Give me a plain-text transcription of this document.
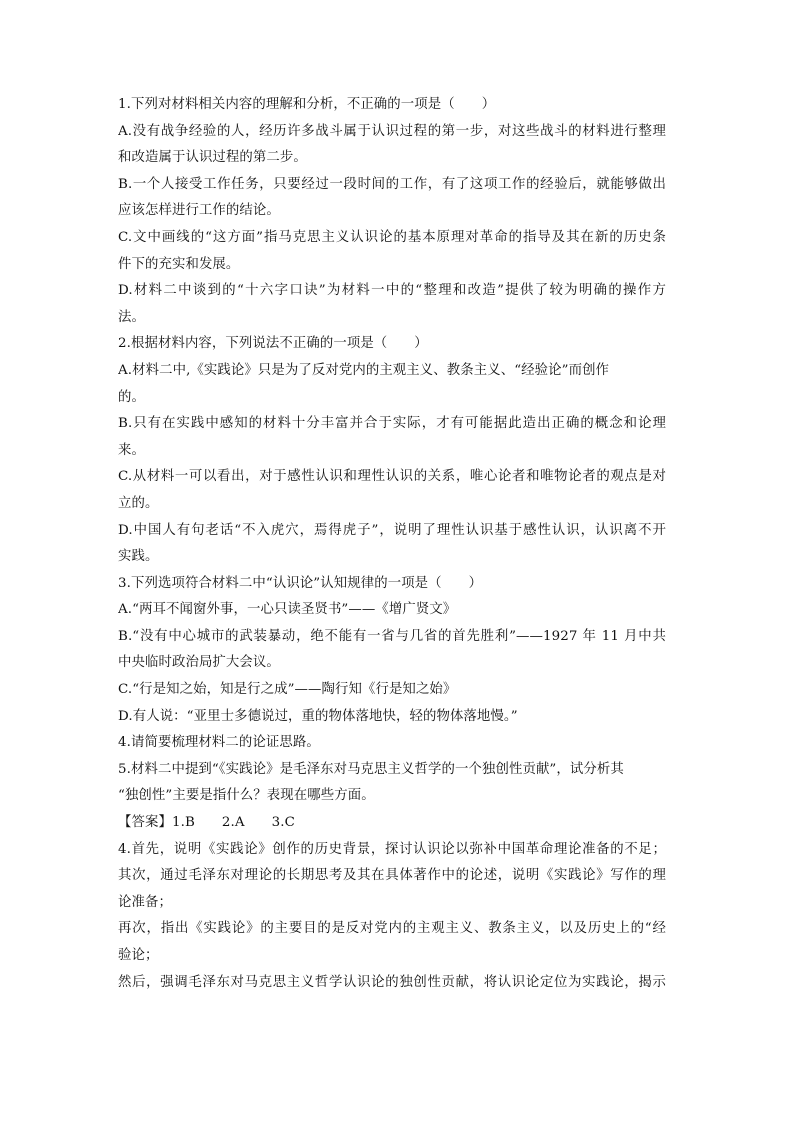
1.下列对材料相关内容的理解和分析，不正确的一项是（　　）
A.没有战争经验的人，经历许多战斗属于认识过程的第一步，对这些战斗的材料进行整理
和改造属于认识过程的第二步。
B.一个人接受工作任务，只要经过一段时间的工作，有了这项工作的经验后，就能够做出
应该怎样进行工作的结论。
C.文中画线的“这方面”指马克思主义认识论的基本原理对革命的指导及其在新的历史条
件下的充实和发展。
D.材料二中谈到的“十六字口诀”为材料一中的“整理和改造”提供了较为明确的操作方
法。
2.根据材料内容，下列说法不正确的一项是（　　）
A.材料二中,《实践论》只是为了反对党内的主观主义、教条主义、“经验论”而创作
的。
B.只有在实践中感知的材料十分丰富并合于实际，才有可能据此造出正确的概念和论理
来。
C.从材料一可以看出，对于感性认识和理性认识的关系，唯心论者和唯物论者的观点是对
立的。
D.中国人有句老话“不入虎穴，焉得虎子”，说明了理性认识基于感性认识，认识离不开
实践。
3.下列选项符合材料二中“认识论”认知规律的一项是（　　）
A.“两耳不闻窗外事，一心只读圣贤书”——《增广贤文》
B.“没有中心城市的武装暴动，绝不能有一省与几省的首先胜利”——1927 年 11 月中共
中央临时政治局扩大会议。
C.“行是知之始，知是行之成”——陶行知《行是知之始》
D.有人说：“亚里士多德说过，重的物体落地快，轻的物体落地慢。”
4.请简要梳理材料二的论证思路。
5.材料二中提到“《实践论》是毛泽东对马克思主义哲学的一个独创性贡献”，试分析其
“独创性”主要是指什么？表现在哪些方面。
【答案】1.B　　2.A　　3.C
4.首先，说明《实践论》创作的历史背景，探讨认识论以弥补中国革命理论准备的不足；
其次，通过毛泽东对理论的长期思考及其在具体著作中的论述，说明《实践论》写作的理
论准备；
再次，指出《实践论》的主要目的是反对党内的主观主义、教条主义，以及历史上的“经
验论；
然后，强调毛泽东对马克思主义哲学认识论的独创性贡献，将认识论定位为实践论，揭示
